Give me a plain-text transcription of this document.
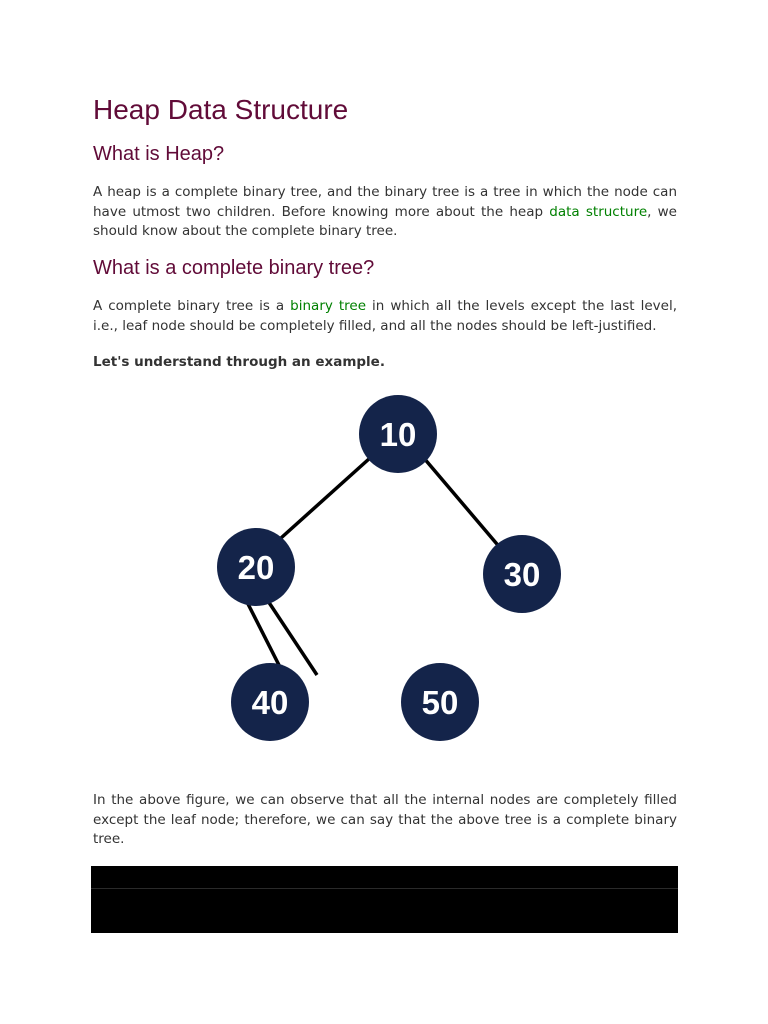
Heap Data Structure
What is Heap?

A heap is a complete binary tree, and the binary tree is a tree in which the node can have utmost two children. Before knowing more about the heap data structure, we should know about the complete binary tree.

What is a complete binary tree?

A complete binary tree is a binary tree in which all the levels except the last level, i.e., leaf node should be completely filled, and all the nodes should be left-justified.

Let's understand through an example.

10
20	30
40	50

In the above figure, we can observe that all the internal nodes are completely filled except the leaf node; therefore, we can say that the above tree is a complete binary tree.
